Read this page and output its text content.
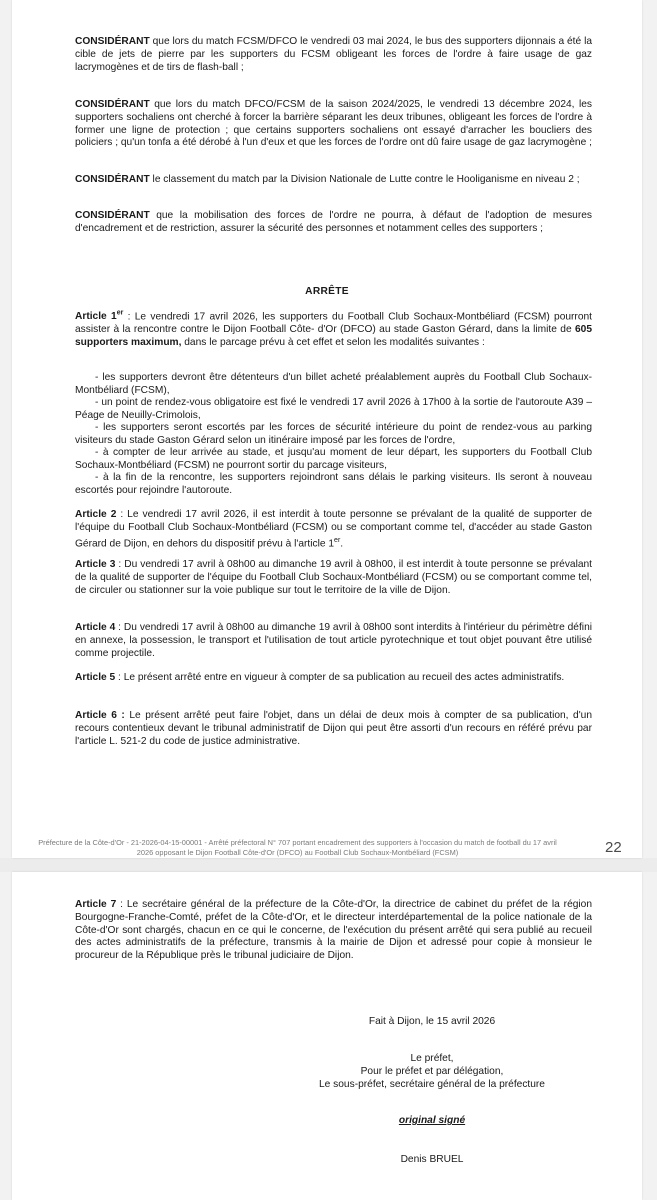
CONSIDÉRANT que lors du match FCSM/DFCO le vendredi 03 mai 2024, le bus des supporters dijonnais a été la cible de jets de pierre par les supporters du FCSM obligeant les forces de l'ordre à faire usage de gaz lacrymogènes et de tirs de flash-ball ;

CONSIDÉRANT que lors du match DFCO/FCSM de la saison 2024/2025, le vendredi 13 décembre 2024, les supporters sochaliens ont cherché à forcer la barrière séparant les deux tribunes, obligeant les forces de l'ordre à former une ligne de protection ; que certains supporters sochaliens ont essayé d'arracher les boucliers des policiers ; qu'un tonfa a été dérobé à l'un d'eux et que les forces de l'ordre ont dû faire usage de gaz lacrymogène ;

CONSIDÉRANT le classement du match par la Division Nationale de Lutte contre le Hooliganisme en niveau 2 ;

CONSIDÉRANT que la mobilisation des forces de l'ordre ne pourra, à défaut de l'adoption de mesures d'encadrement et de restriction, assurer la sécurité des personnes et notamment celles des supporters ;

ARRÊTE

Article 1er : Le vendredi 17 avril 2026, les supporters du Football Club Sochaux-Montbéliard (FCSM) pourront assister à la rencontre contre le Dijon Football Côte- d'Or (DFCO) au stade Gaston Gérard, dans la limite de 605 supporters maximum, dans le parcage prévu à cet effet et selon les modalités suivantes :

- les supporters devront être détenteurs d'un billet acheté préalablement auprès du Football Club Sochaux-Montbéliard (FCSM),

- un point de rendez-vous obligatoire est fixé le vendredi 17 avril 2026 à 17h00 à la sortie de l'autoroute A39 – Péage de Neuilly-Crimolois,

- les supporters seront escortés par les forces de sécurité intérieure du point de rendez-vous au parking visiteurs du stade Gaston Gérard selon un itinéraire imposé par les forces de l'ordre,

- à compter de leur arrivée au stade, et jusqu'au moment de leur départ, les supporters du Football Club Sochaux-Montbéliard (FCSM) ne pourront sortir du parcage visiteurs,

- à la fin de la rencontre, les supporters rejoindront sans délais le parking visiteurs. Ils seront à nouveau escortés pour rejoindre l'autoroute.

Article 2 : Le vendredi 17 avril 2026, il est interdit à toute personne se prévalant de la qualité de supporter de l'équipe du Football Club Sochaux-Montbéliard (FCSM) ou se comportant comme tel, d'accéder au stade Gaston Gérard de Dijon, en dehors du dispositif prévu à l'article 1er.

Article 3 : Du vendredi 17 avril à 08h00 au dimanche 19 avril à 08h00, il est interdit à toute personne se prévalant de la qualité de supporter de l'équipe du Football Club Sochaux-Montbéliard (FCSM) ou se comportant comme tel, de circuler ou stationner sur la voie publique sur tout le territoire de la ville de Dijon.

Article 4 : Du vendredi 17 avril à 08h00 au dimanche 19 avril à 08h00 sont interdits à l'intérieur du périmètre défini en annexe, la possession, le transport et l'utilisation de tout article pyrotechnique et tout objet pouvant être utilisé comme projectile.

Article 5 : Le présent arrêté entre en vigueur à compter de sa publication au recueil des actes administratifs.

Article 6 : Le présent arrêté peut faire l'objet, dans un délai de deux mois à compter de sa publication, d'un recours contentieux devant le tribunal administratif de Dijon qui peut être assorti d'un recours en référé prévu par l'article L. 521-2 du code de justice administrative.

Préfecture de la Côte-d'Or - 21-2026-04-15-00001 - Arrêté préfectoral N° 707 portant encadrement des supporters à l'occasion du match de football du 17 avril 2026 opposant le Dijon Football Côte-d'Or (DFCO) au Football Club Sochaux-Montbéliard (FCSM)	22

Article 7 : Le secrétaire général de la préfecture de la Côte-d'Or, la directrice de cabinet du préfet de la région Bourgogne-Franche-Comté, préfet de la Côte-d'Or, et le directeur interdépartemental de la police nationale de la Côte-d'Or sont chargés, chacun en ce qui le concerne, de l'exécution du présent arrêté qui sera publié au recueil des actes administratifs de la préfecture, transmis à la mairie de Dijon et adressé pour copie à monsieur le procureur de la République près le tribunal judiciaire de Dijon.

Fait à Dijon, le 15 avril 2026

Le préfet,

Pour le préfet et par délégation,

Le sous-préfet, secrétaire général de la préfecture

original signé

Denis BRUEL
